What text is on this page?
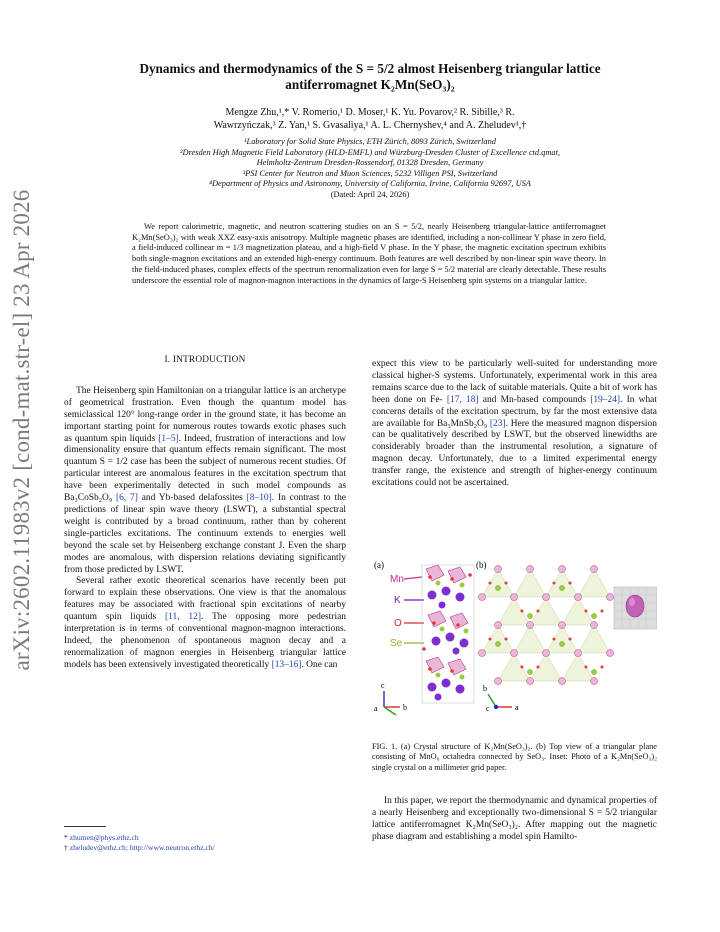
arXiv:2602.11983v2 [cond-mat.str-el] 23 Apr 2026
Dynamics and thermodynamics of the S = 5/2 almost Heisenberg triangular lattice
antiferromagnet K₂Mn(SeO₃)₂
Mengze Zhu,¹,* V. Romerio,¹ D. Moser,¹ K. Yu. Povarov,² R. Sibille,³ R.
Wawrzyńczak,³ Z. Yan,¹ S. Gvasaliya,¹ A. L. Chernyshev,⁴ and A. Zheludev¹,†
¹Laboratory for Solid State Physics, ETH Zürich, 8093 Zürich, Switzerland
²Dresden High Magnetic Field Laboratory (HLD-EMFL) and Würzburg-Dresden Cluster of Excellence ctd.qmat,
Helmholtz-Zentrum Dresden-Rossendorf, 01328 Dresden, Germany
³PSI Center for Neutron and Muon Sciences, 5232 Villigen PSI, Switzerland
⁴Department of Physics and Astronomy, University of California, Irvine, California 92697, USA
(Dated: April 24, 2026)
We report calorimetric, magnetic, and neutron scattering studies on an S = 5/2, nearly Heisenberg triangular-lattice antiferromagnet K₂Mn(SeO₃)₂ with weak XXZ easy-axis anisotropy. Multiple magnetic phases are identified, including a non-collinear Y phase in zero field, a field-induced collinear m = 1/3 magnetization plateau, and a high-field V phase. In the Y phase, the magnetic excitation spectrum exhibits both single-magnon excitations and an extended high-energy continuum. Both features are well described by non-linear spin wave theory. In the field-induced phases, complex effects of the spectrum renormalization even for large S = 5/2 material are clearly detectable. These results underscore the essential role of magnon-magnon interactions in the dynamics of large-S Heisenberg spin systems on a triangular lattice.
I. INTRODUCTION

The Heisenberg spin Hamiltonian on a triangular lattice is an archetype of geometrical frustration. Even though the quantum model has semiclassical 120° long-range order in the ground state, it has become an important starting point for numerous routes towards exotic phases such as quantum spin liquids [1–5]. Indeed, frustration of interactions and low dimensionality ensure that quantum effects remain significant. The most quantum S = 1/2 case has been the subject of numerous recent studies. Of particular interest are anomalous features in the excitation spectrum that have been experimentally detected in such model compounds as Ba₃CoSb₂O₉ [6, 7] and Yb-based delafossites [8–10]. In contrast to the predictions of linear spin wave theory (LSWT), a substantial spectral weight is contributed by a broad continuum, rather than by coherent single-particles excitations. The continuum extends to energies well beyond the scale set by Heisenberg exchange constant J. Even the sharp modes are anomalous, with dispersion relations deviating significantly from those predicted by LSWT.

Several rather exotic theoretical scenarios have recently been put forward to explain these observations. One view is that the anomalous features may be associated with fractional spin excitations of nearby quantum spin liquids [11, 12]. The opposing more pedestrian interpretation is in terms of conventional magnon-magnon interactions. Indeed, the phenomenon of spontaneous magnon decay and a renormalization of magnon energies in Heisenberg triangular lattice models has been extensively investigated theoretically [13–16]. One can

expect this view to be particularly well-suited for understanding more classical higher-S systems. Unfortunately, experimental work in this area remains scarce due to the lack of suitable materials. Quite a bit of work has been done on Fe- [17, 18] and Mn-based compounds [19–24]. In what concerns details of the excitation spectrum, by far the most extensive data are available for Ba₃MnSb₂O₉ [23]. Here the measured magnon dispersion can be qualitatively described by LSWT, but the observed linewidths are considerably broader than the instrumental resolution, a signature of magnon decay. Unfortunately, due to a limited experimental energy transfer range, the existence and strength of higher-energy continuum excitations could not be ascertained.

(a)	(b)
Mn
K
O
Se
c
a	b
b
c	a
FIG. 1. (a) Crystal structure of K₂Mn(SeO₃)₂. (b) Top view of a triangular plane consisting of MnO₆ octahedra connected by SeO₃. Inset: Photo of a K₂Mn(SeO₃)₂ single crystal on a millimeter grid paper.

In this paper, we report the thermodynamic and dynamical properties of a nearly Heisenberg and exceptionally two-dimensional S = 5/2 triangular lattice antiferromagnet K₂Mn(SeO₃)₂. After mapping out the magnetic phase diagram and establishing a model spin Hamilto-

* zhumen@phys.ethz.ch
† zheludev@ethz.ch; http://www.neutron.ethz.ch/
